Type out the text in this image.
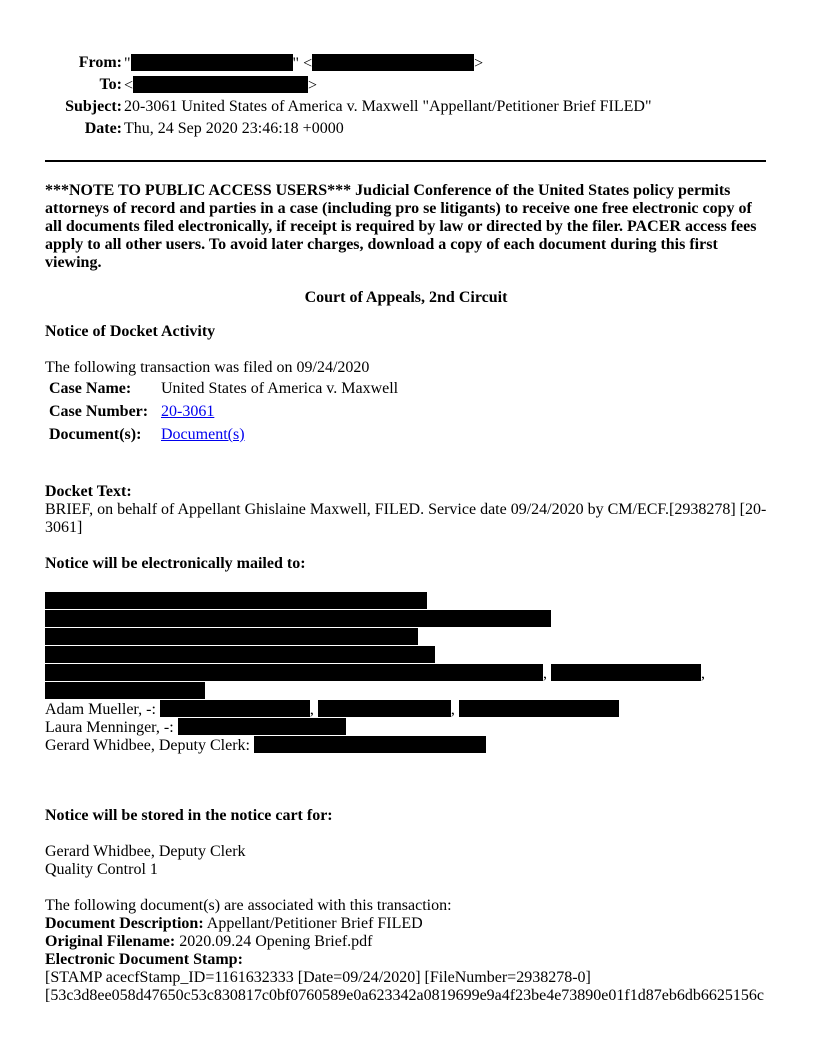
From: "	" <	>
To: <	>
Subject: 20-3061 United States of America v. Maxwell "Appellant/Petitioner Brief FILED"
Date: Thu, 24 Sep 2020 23:46:18 +0000
***NOTE TO PUBLIC ACCESS USERS*** Judicial Conference of the United States policy permits attorneys of record and parties in a case (including pro se litigants) to receive one free electronic copy of all documents filed electronically, if receipt is required by law or directed by the filer. PACER access fees apply to all other users. To avoid later charges, download a copy of each document during this first viewing.
Court of Appeals, 2nd Circuit
Notice of Docket Activity
The following transaction was filed on 09/24/2020
Case Name:	United States of America v. Maxwell
Case Number:	20-3061
Document(s):	Document(s)
Docket Text:
BRIEF, on behalf of Appellant Ghislaine Maxwell, FILED. Service date 09/24/2020 by CM/ECF.[2938278] [20-3061]
Notice will be electronically mailed to:
,	,
Adam Mueller, -:	,	,
Laura Menninger, -:
Gerard Whidbee, Deputy Clerk:
Notice will be stored in the notice cart for:
Gerard Whidbee, Deputy Clerk
Quality Control 1
The following document(s) are associated with this transaction:
Document Description: Appellant/Petitioner Brief FILED
Original Filename: 2020.09.24 Opening Brief.pdf
Electronic Document Stamp:
[STAMP acecfStamp_ID=1161632333 [Date=09/24/2020] [FileNumber=2938278-0]
[53c3d8ee058d47650c53c830817c0bf0760589e0a623342a0819699e9a4f23be4e73890e01f1d87eb6db6625156c
